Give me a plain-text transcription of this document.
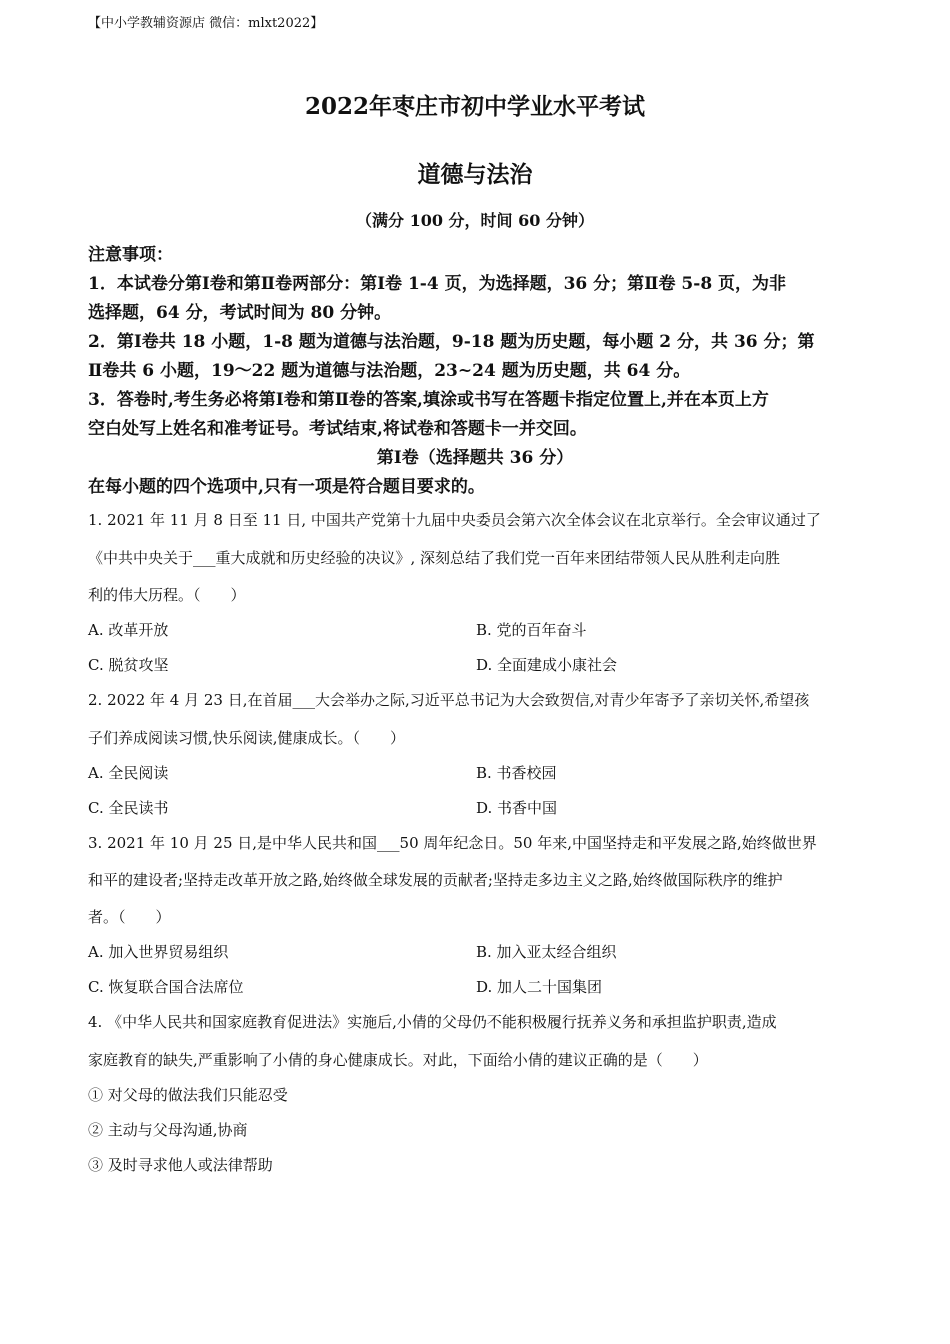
【中小学教辅资源店 微信：mlxt2022】
2022年枣庄市初中学业水平考试
道德与法治
（满分 100 分，时间 60 分钟）
注意事项：
1．本试卷分第Ⅰ卷和第Ⅱ卷两部分：第Ⅰ卷 1-4 页，为选择题，36 分；第Ⅱ卷 5-8 页，为非
选择题，64 分，考试时间为 80 分钟。
2．第Ⅰ卷共 18 小题，1-8 题为道德与法治题，9-18 题为历史题，每小题 2 分，共 36 分；第
Ⅱ卷共 6 小题，19～22 题为道德与法治题，23~24 题为历史题，共 64 分。
3．答卷时,考生务必将第Ⅰ卷和第Ⅱ卷的答案,填涂或书写在答题卡指定位置上,并在本页上方
空白处写上姓名和准考证号。考试结束,将试卷和答题卡一并交回。
第Ⅰ卷（选择题共 36 分）
在每小题的四个选项中,只有一项是符合题目要求的。
1. 2021 年 11 月 8 日至 11 日, 中国共产党第十九届中央委员会第六次全体会议在北京举行。全会审议通过了
《中共中央关于___重大成就和历史经验的决议》, 深刻总结了我们党一百年来团结带领人民从胜利走向胜
利的伟大历程。（　　）
A. 改革开放	B. 党的百年奋斗
C. 脱贫攻坚	D. 全面建成小康社会
2. 2022 年 4 月 23 日,在首届___大会举办之际,习近平总书记为大会致贺信,对青少年寄予了亲切关怀,希望孩
子们养成阅读习惯,快乐阅读,健康成长。（　　）
A. 全民阅读	B. 书香校园
C. 全民读书	D. 书香中国
3. 2021 年 10 月 25 日,是中华人民共和国___50 周年纪念日。50 年来,中国坚持走和平发展之路,始终做世界
和平的建设者;坚持走改革开放之路,始终做全球发展的贡献者;坚持走多边主义之路,始终做国际秩序的维护
者。（　　）
A. 加入世界贸易组织	B. 加入亚太经合组织
C. 恢复联合国合法席位	D. 加人二十国集团
4. 《中华人民共和国家庭教育促进法》实施后,小倩的父母仍不能积极履行抚养义务和承担监护职责,造成
家庭教育的缺失,严重影响了小倩的身心健康成长。对此，下面给小倩的建议正确的是（　　）
① 对父母的做法我们只能忍受
② 主动与父母沟通,协商
③ 及时寻求他人或法律帮助
